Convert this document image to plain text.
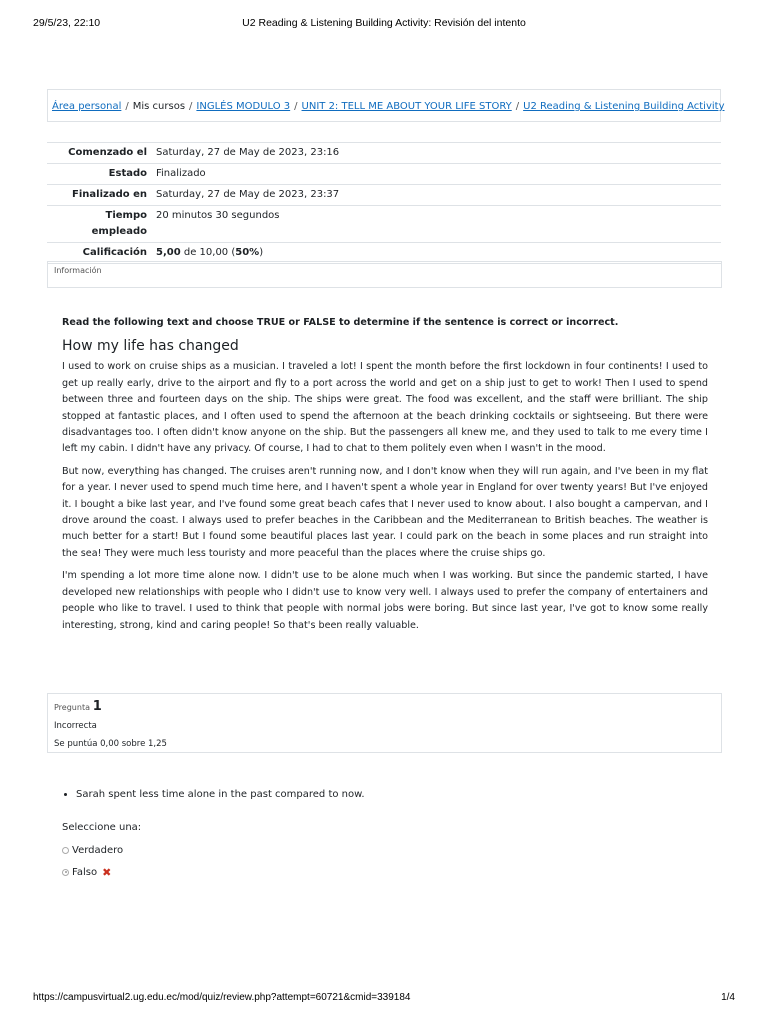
29/5/23, 22:10	U2 Reading & Listening Building Activity: Revisión del intento
Área personal / Mis cursos / INGLÉS MODULO 3 / UNIT 2: TELL ME ABOUT YOUR LIFE STORY / U2 Reading & Listening Building Activity
Comenzado el	Saturday, 27 de May de 2023, 23:16
Estado	Finalizado
Finalizado en	Saturday, 27 de May de 2023, 23:37
Tiempo empleado	20 minutos 30 segundos
Calificación	5,00 de 10,00 (50%)
Información

Read the following text and choose TRUE or FALSE to determine if the sentence is correct or incorrect.

How my life has changed

I used to work on cruise ships as a musician. I traveled a lot! I spent the month before the first lockdown in four continents! I used to get up really early, drive to the airport and fly to a port across the world and get on a ship just to get to work! Then I used to spend between three and fourteen days on the ship. The ships were great. The food was excellent, and the staff were brilliant. The ship stopped at fantastic places, and I often used to spend the afternoon at the beach drinking cocktails or sightseeing. But there were disadvantages too. I often didn't know anyone on the ship. But the passengers all knew me, and they used to talk to me every time I left my cabin. I didn't have any privacy. Of course, I had to chat to them politely even when I wasn't in the mood.

But now, everything has changed. The cruises aren't running now, and I don't know when they will run again, and I've been in my flat for a year. I never used to spend much time here, and I haven't spent a whole year in England for over twenty years! But I've enjoyed it. I bought a bike last year, and I've found some great beach cafes that I never used to know about. I also bought a campervan, and I drove around the coast. I always used to prefer beaches in the Caribbean and the Mediterranean to British beaches. The weather is much better for a start! But I found some beautiful places last year. I could park on the beach in some places and run straight into the sea! They were much less touristy and more peaceful than the places where the cruise ships go.

I'm spending a lot more time alone now. I didn't use to be alone much when I was working. But since the pandemic started, I have developed new relationships with people who I didn't use to know very well. I always used to prefer the company of entertainers and people who like to travel. I used to think that people with normal jobs were boring. But since last year, I've got to know some really interesting, strong, kind and caring people! So that's been really valuable.

Pregunta 1
Incorrecta
Se puntúa 0,00 sobre 1,25
• Sarah spent less time alone in the past compared to now.
Seleccione una:
Verdadero
Falso ✖
https://campusvirtual2.ug.edu.ec/mod/quiz/review.php?attempt=60721&cmid=339184	1/4
